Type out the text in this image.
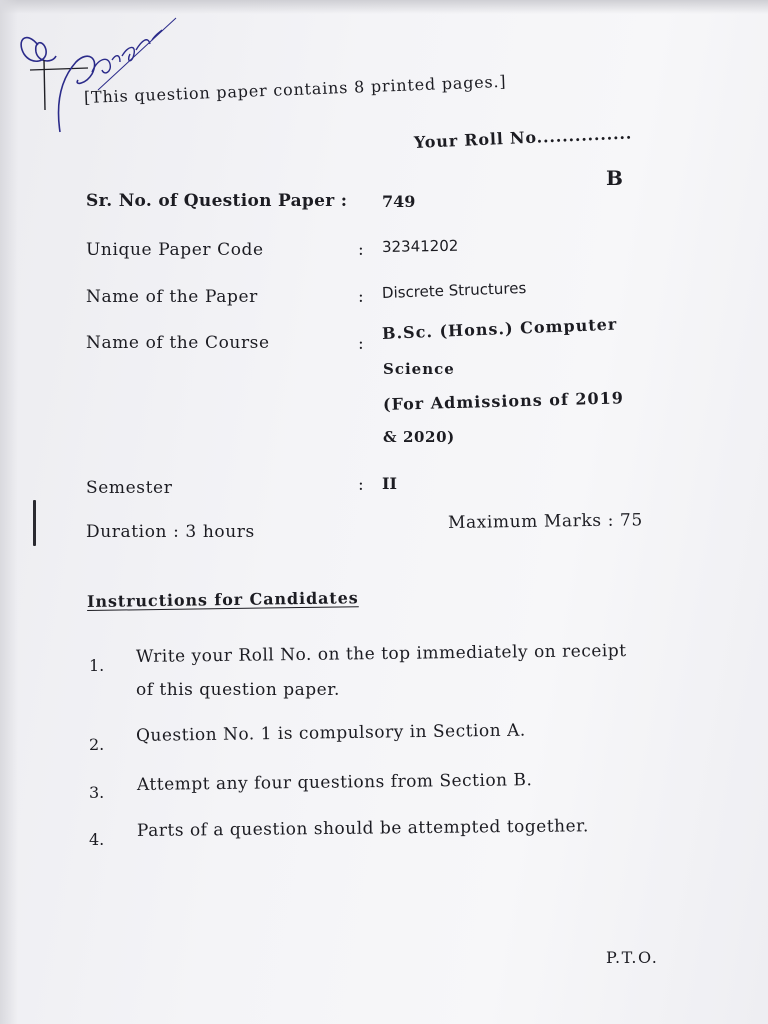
[This question paper contains 8 printed pages.]
Your Roll No...............
B
Sr. No. of Question Paper : 749
Unique Paper Code	: 32341202
Name of the Paper	: Discrete Structures
Name of the Course	:
B.Sc. (Hons.) Computer
Science
(For Admissions of 2019
& 2020)
Semester	: II
Duration : 3 hours	Maximum Marks : 75
Instructions for Candidates
1. Write your Roll No. on the top immediately on receipt
of this question paper.
2. Question No. 1 is compulsory in Section A.
3. Attempt any four questions from Section B.
4. Parts of a question should be attempted together.
P.T.O.
